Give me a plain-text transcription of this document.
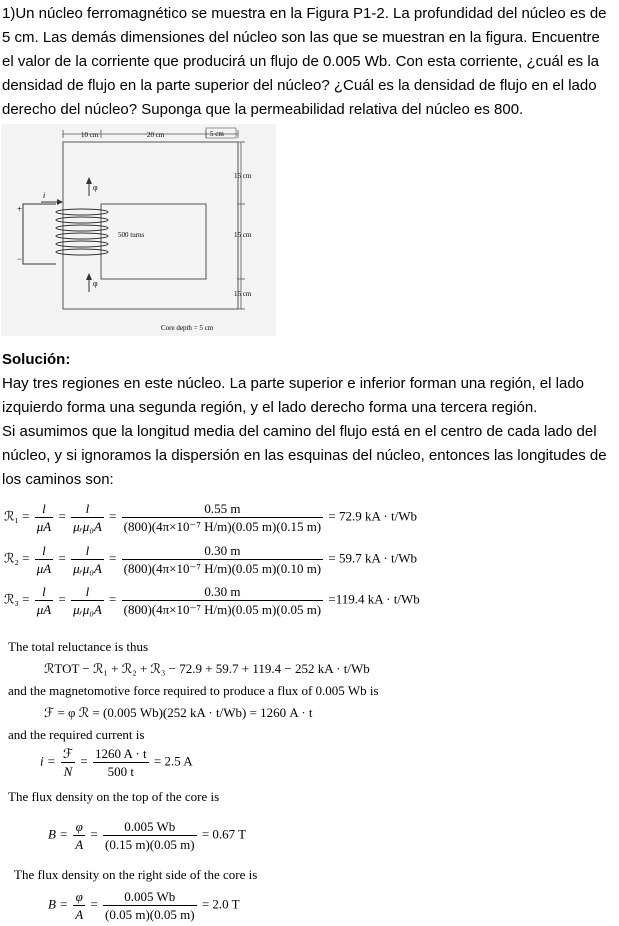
1)Un núcleo ferromagnético se muestra en la Figura P1-2. La profundidad del núcleo es de 5 cm. Las demás dimensiones del núcleo son las que se muestran en la figura. Encuentre el valor de la corriente que producirá un flujo de 0.005 Wb. Con esta corriente, ¿cuál es la densidad de flujo en la parte superior del núcleo? ¿Cuál es la densidad de flujo en el lado derecho del núcleo? Suponga que la permeabilidad relativa del núcleo es 800.
10 cm	20 cm	5 cm
15 cm
15 cm
15 cm
500 turns
i
+
−
φ
φ
Core depth = 5 cm
Solución:
Hay tres regiones en este núcleo. La parte superior e inferior forman una región, el lado izquierdo forma una segunda región, y el lado derecho forma una tercera región.
Si asumimos que la longitud media del camino del flujo está en el centro de cada lado del núcleo, y si ignoramos la dispersión en las esquinas del núcleo, entonces las longitudes de los caminos son:
ℛ₁ = $\frac{l}{\mu A} = \frac{l}{\text{μᵣμ₀A}} = \frac{0.55 m}{\text{(800)(4π×10⁻⁷ H/m)(0.05 m)(0.15 m)}} = 72.9$ kA · t/Wb
ℛ₂ = $\frac{l}{\mu A} = \frac{l}{\text{μᵣμ₀A}} = \frac{0.30 m}{\text{(800)(4π×10⁻⁷ H/m)(0.05 m)(0.10 m)}} = 59.7$ kA · t/Wb
ℛ₃ = $\frac{l}{\mu A} = \frac{l}{\text{μᵣμ₀A}} = \frac{0.30 m}{\text{(800)(4π×10⁻⁷ H/m)(0.05 m)(0.05 m)}} =119.4$ kA · t/Wb
The total reluctance is thus
ℛTOT − ℛ₁ + ℛ₂ + ℛ₃ − 72.9 + 59.7 + 119.4 − 252 kA · t/Wb
and the magnetomotive force required to produce a flux of 0.005 Wb is
ℱ = φ ℛ = (0.005 Wb)(252 kA · t/Wb) = 1260 A · t
and the required current is
$i = \frac{\text{ℱ}}{N} = \frac{1260 A \cdot t}{500 t} = 2.5$ A
The flux density on the top of the core is
$B = \frac{\varphi}{A} = \frac{0.005 Wb}{(0.15 m)(0.05 m)} = 0.67$ T
The flux density on the right side of the core is
$B = \frac{\varphi}{A} = \frac{0.005 Wb}{(0.05 m)(0.05 m)} = 2.0$ T
